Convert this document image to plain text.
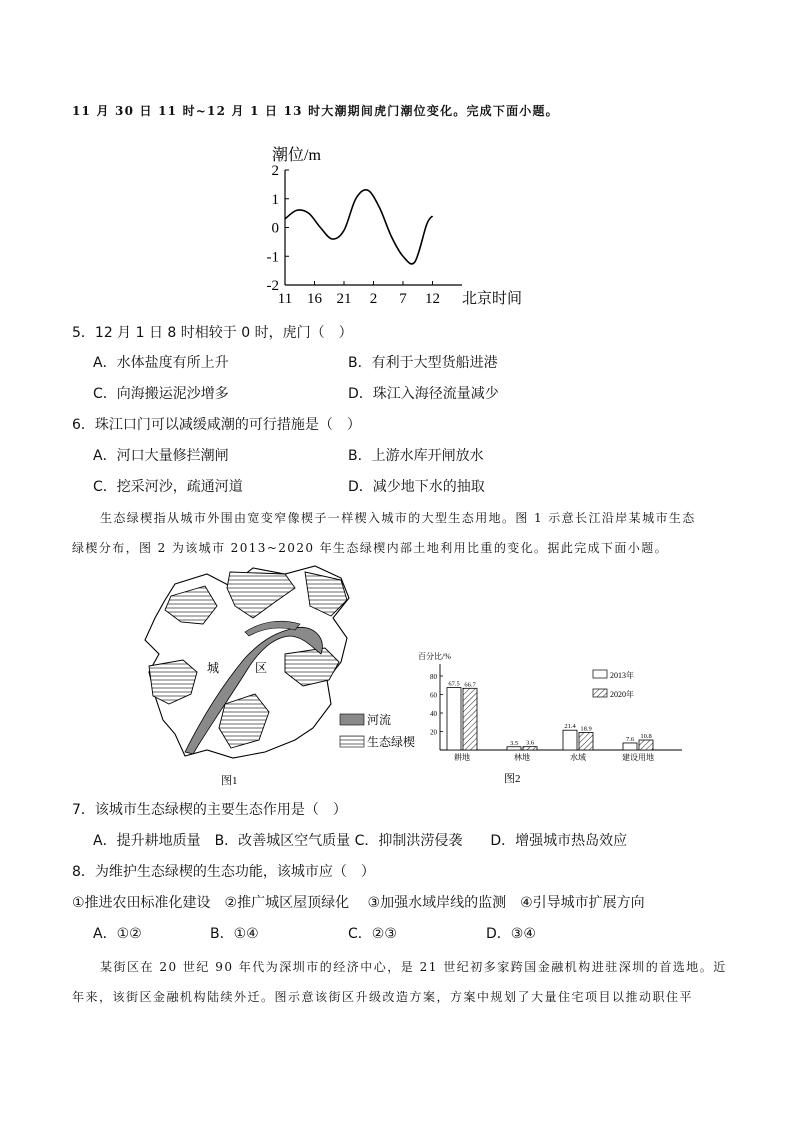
11 月 30 日 11 时~12 月 1 日 13 时大潮期间虎门潮位变化。完成下面小题。
潮位/m
2
1
0
-1
-2
11 16 21 2 7 12 北京时间
5．12 月 1 日 8 时相较于 0 时，虎门（　）
A．水体盐度有所上升	B．有利于大型货船进港
C．向海搬运泥沙增多	D．珠江入海径流量减少
6．珠江口门可以减缓咸潮的可行措施是（　）
A．河口大量修拦潮闸	B．上游水库开闸放水
C．挖采河沙，疏通河道	D．减少地下水的抽取
生态绿楔指从城市外围由宽变窄像楔子一样楔入城市的大型生态用地。图 1 示意长江沿岸某城市生态
绿楔分布，图 2 为该城市 2013~2020 年生态绿楔内部土地利用比重的变化。据此完成下面小题。
城	区
河流
生态绿楔
图1
百分比/%
80
60
40
20
67.5 66.7
3.5 3.6
21.4 18.9
7.6 10.8
耕地	林地	水域	建设用地
2013年
2020年
图2
7．该城市生态绿楔的主要生态作用是（　）
A．提升耕地质量　B．改善城区空气质量 C．抑制洪涝侵袭　　D．增强城市热岛效应
8．为维护生态绿楔的生态功能，该城市应（　）
①推进农田标准化建设　②推广城区屋顶绿化　 ③加强水域岸线的监测　④引导城市扩展方向
A．①②	B．①④	C．②③	D．③④
某街区在 20 世纪 90 年代为深圳市的经济中心，是 21 世纪初多家跨国金融机构进驻深圳的首选地。近
年来，该街区金融机构陆续外迁。图示意该街区升级改造方案，方案中规划了大量住宅项目以推动职住平
